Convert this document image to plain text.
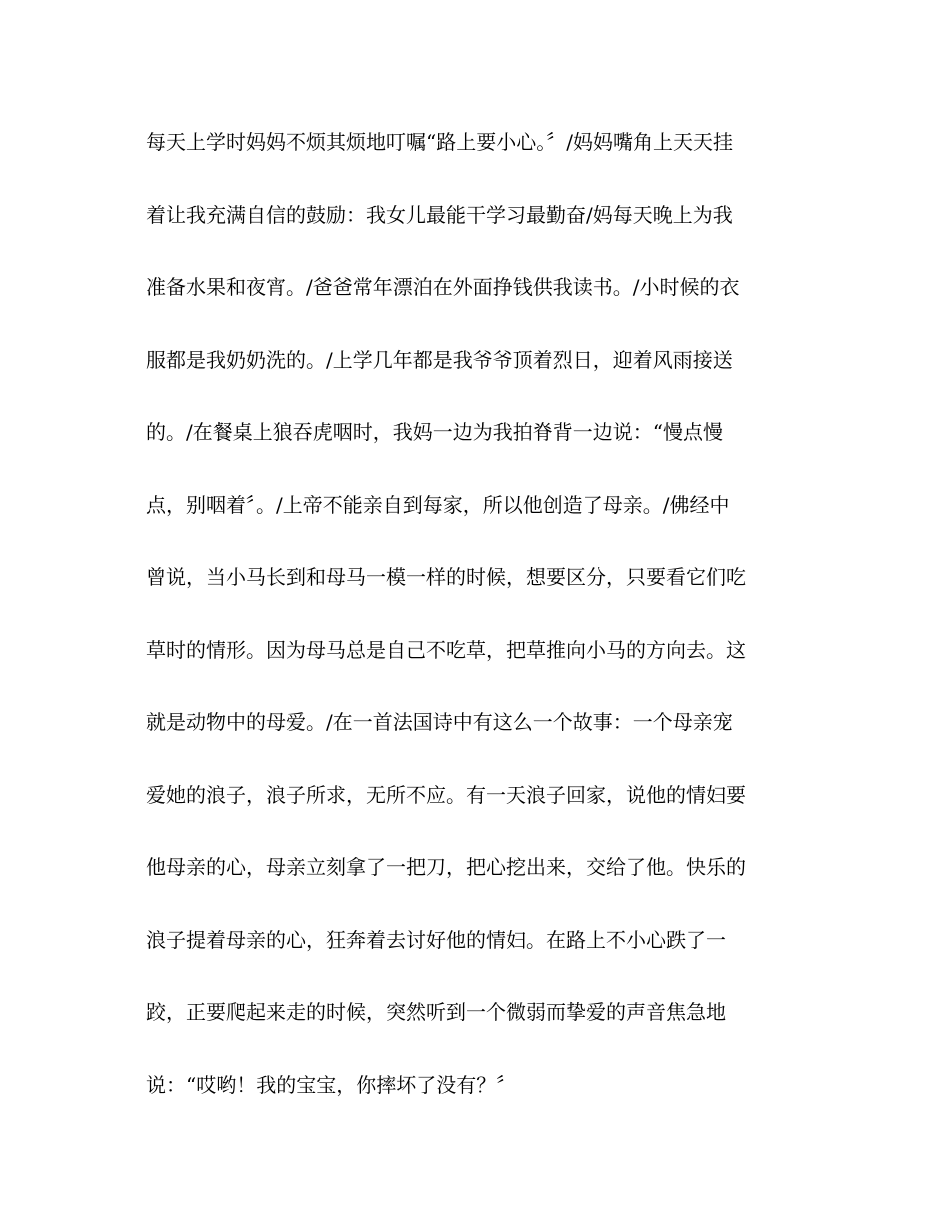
每天上学时妈妈不烦其烦地叮嘱“路上要小心。〞/妈妈嘴角上天天挂
着让我充满自信的鼓励：我女儿最能干学习最勤奋/妈每天晚上为我
准备水果和夜宵。/爸爸常年漂泊在外面挣钱供我读书。/小时候的衣
服都是我奶奶洗的。/上学几年都是我爷爷顶着烈日，迎着风雨接送
的。/在餐桌上狼吞虎咽时，我妈一边为我拍脊背一边说：“慢点慢
点，别咽着〞。/上帝不能亲自到每家，所以他创造了母亲。/佛经中
曾说，当小马长到和母马一模一样的时候，想要区分，只要看它们吃
草时的情形。因为母马总是自己不吃草，把草推向小马的方向去。这
就是动物中的母爱。/在一首法国诗中有这么一个故事：一个母亲宠
爱她的浪子，浪子所求，无所不应。有一天浪子回家，说他的情妇要
他母亲的心，母亲立刻拿了一把刀，把心挖出来，交给了他。快乐的
浪子提着母亲的心，狂奔着去讨好他的情妇。在路上不小心跌了一
跤，正要爬起来走的时候，突然听到一个微弱而挚爱的声音焦急地
说：“哎哟！我的宝宝，你摔坏了没有？〞
